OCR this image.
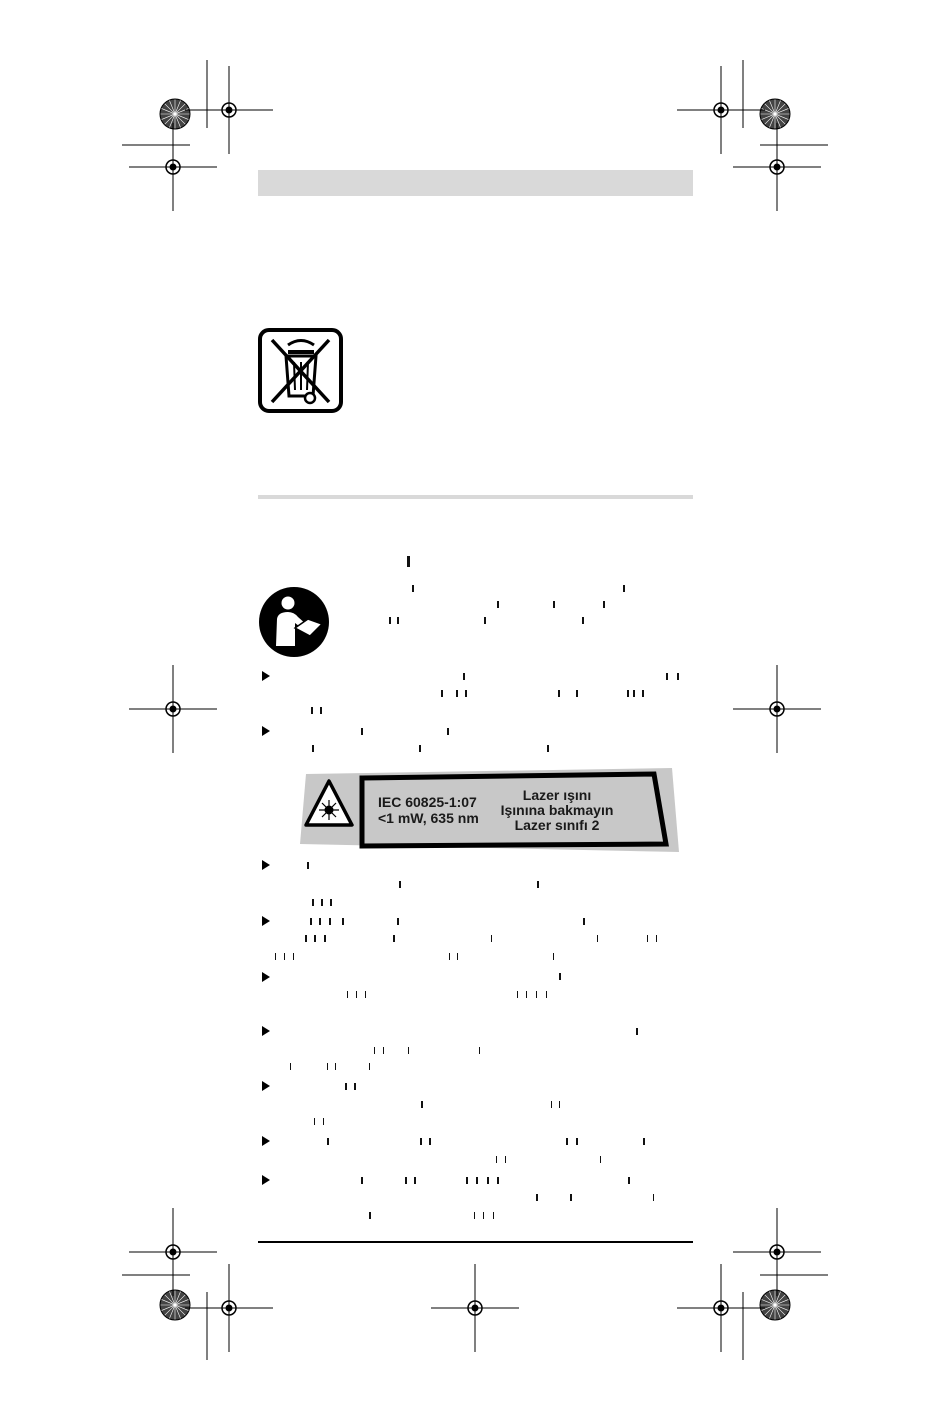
IEC 60825-1:07
<1 mW, 635 nm
Lazer ışını
Işınına bakmayın
Lazer sınıfı 2
